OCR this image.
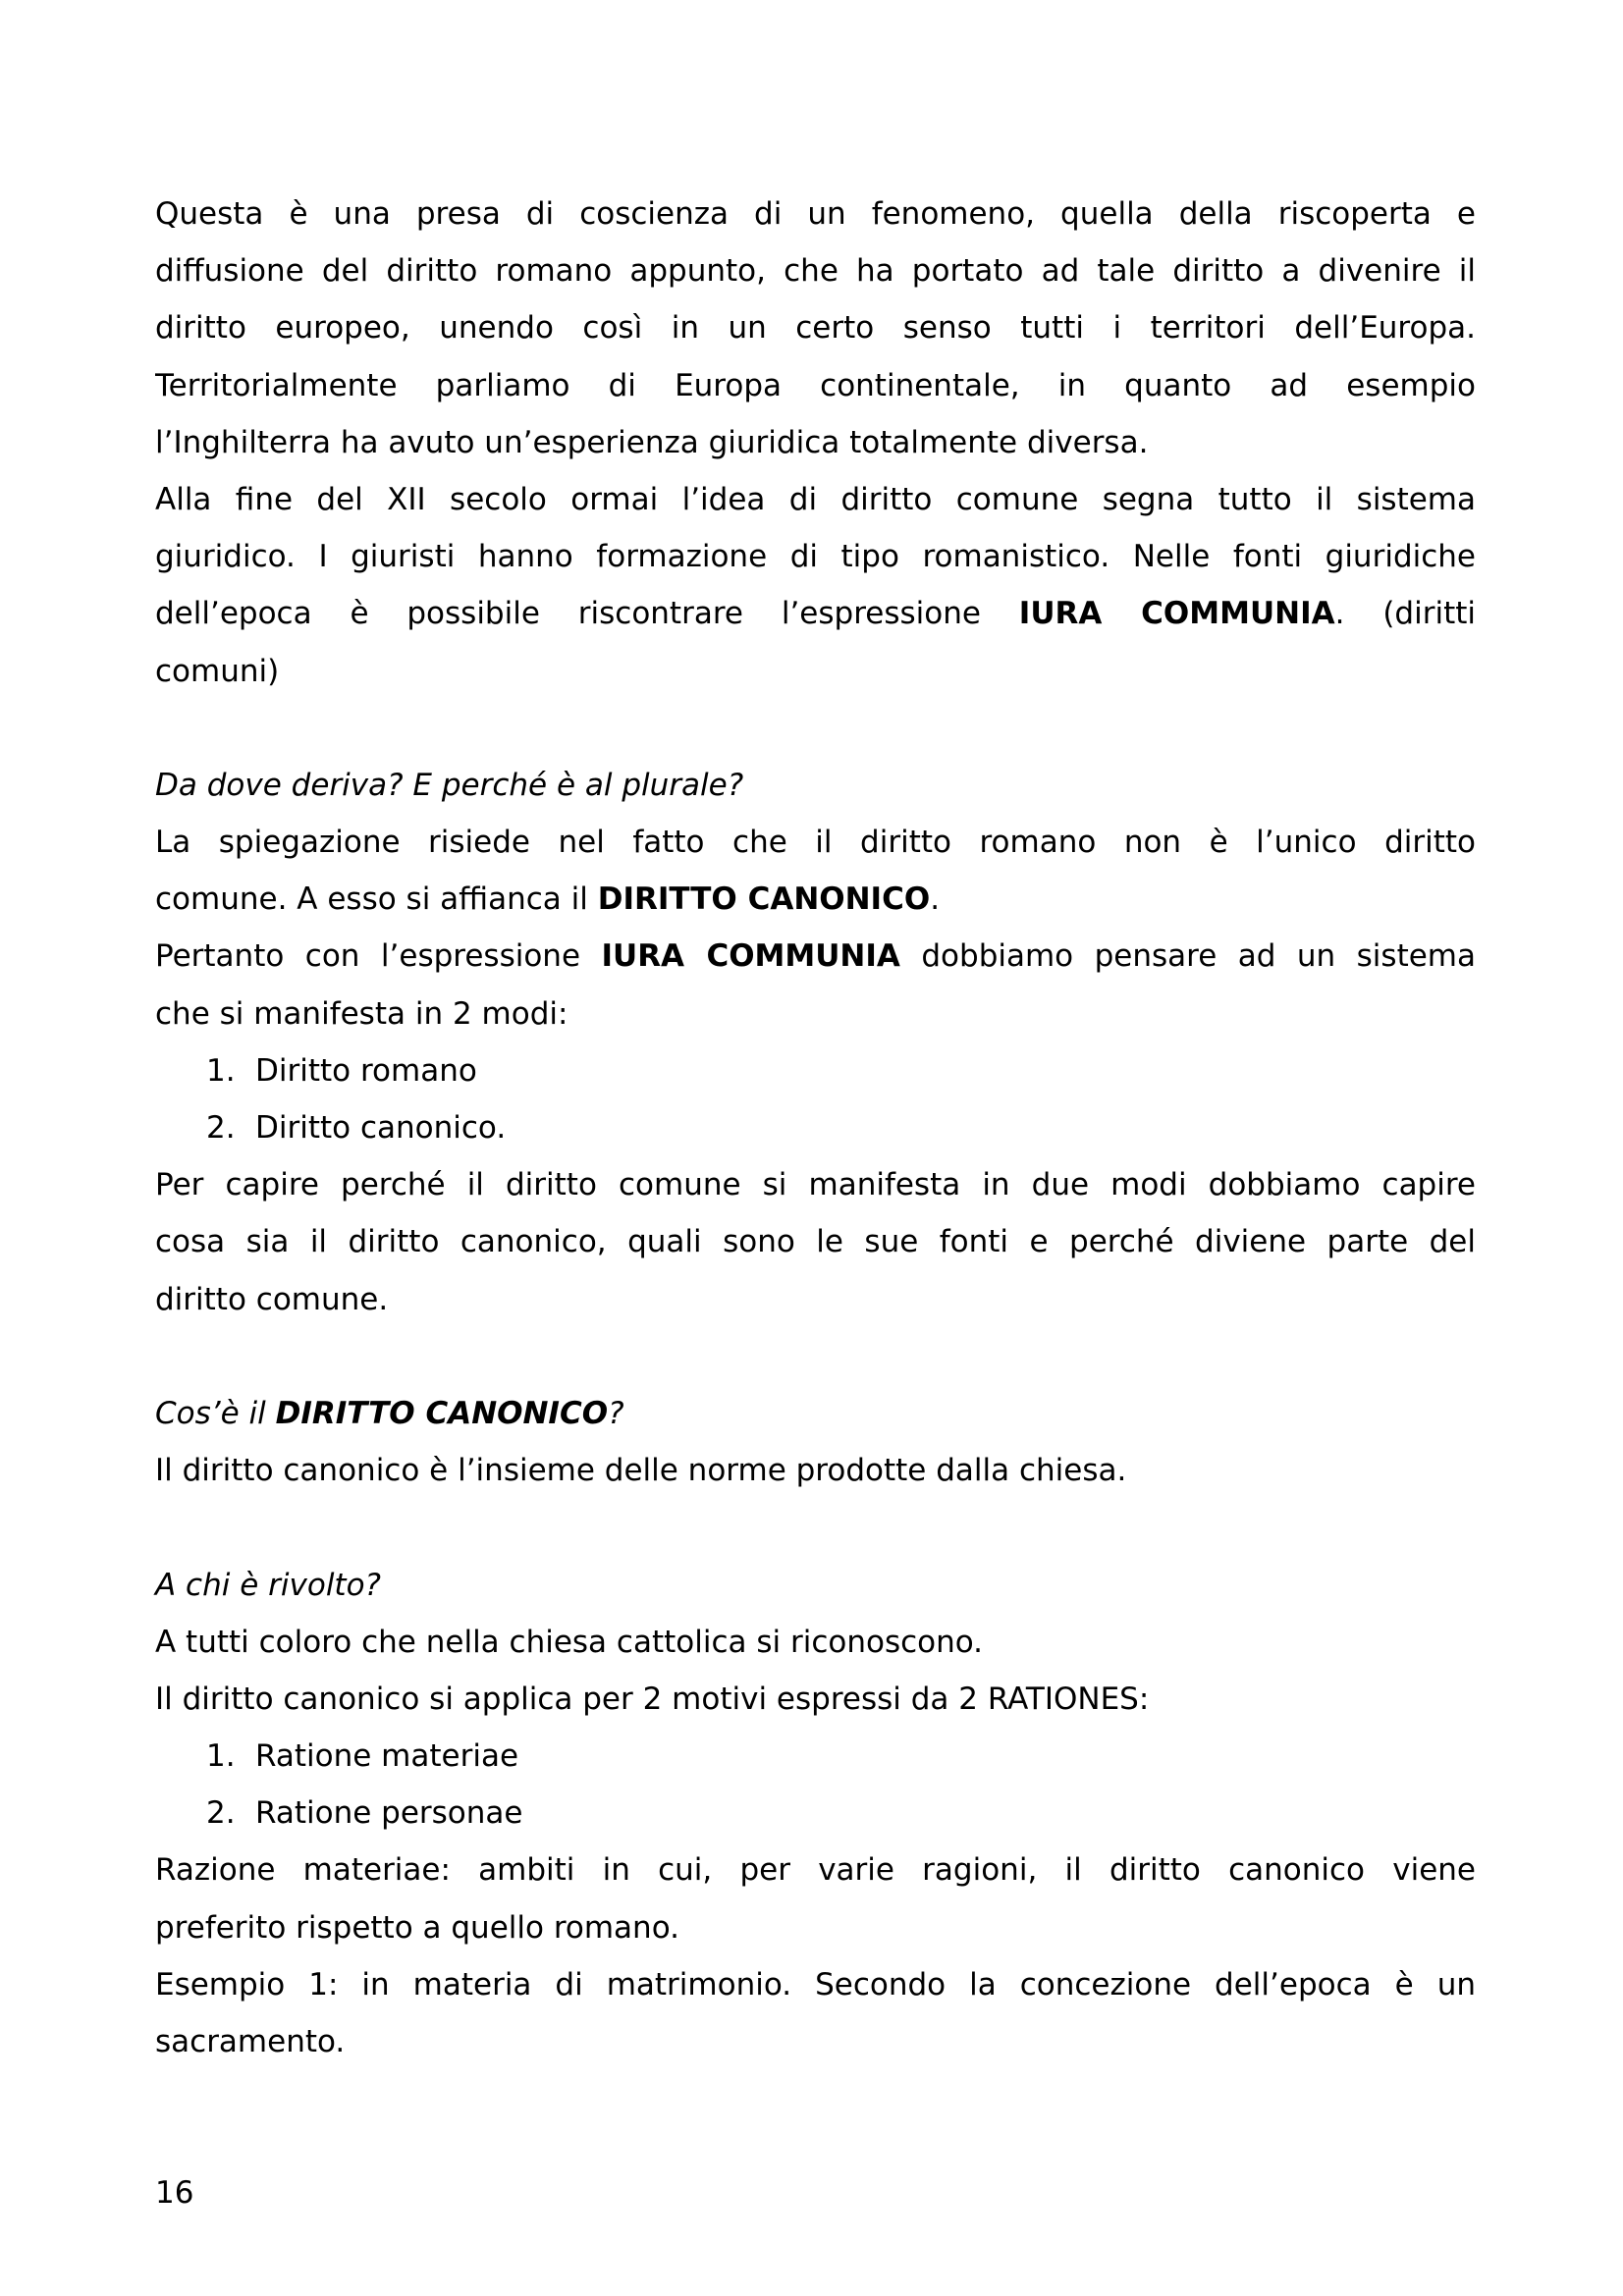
Questa è una presa di coscienza di un fenomeno, quella della riscoperta e
diffusione del diritto romano appunto, che ha portato ad tale diritto a divenire il
diritto europeo, unendo così in un certo senso tutti i territori dell’Europa.
Territorialmente parliamo di Europa continentale, in quanto ad esempio
l’Inghilterra ha avuto un’esperienza giuridica totalmente diversa.
Alla fine del XII secolo ormai l’idea di diritto comune segna tutto il sistema
giuridico. I giuristi hanno formazione di tipo romanistico. Nelle fonti giuridiche
dell’epoca è possibile riscontrare l’espressione IURA COMMUNIA. (diritti
comuni)

Da dove deriva? E perché è al plurale?
La spiegazione risiede nel fatto che il diritto romano non è l’unico diritto
comune. A esso si affianca il DIRITTO CANONICO.
Pertanto con l’espressione IURA COMMUNIA dobbiamo pensare ad un sistema
che si manifesta in 2 modi:
1. Diritto romano
2. Diritto canonico.
Per capire perché il diritto comune si manifesta in due modi dobbiamo capire
cosa sia il diritto canonico, quali sono le sue fonti e perché diviene parte del
diritto comune.

Cos’è il DIRITTO CANONICO?
Il diritto canonico è l’insieme delle norme prodotte dalla chiesa.

A chi è rivolto?
A tutti coloro che nella chiesa cattolica si riconoscono.
Il diritto canonico si applica per 2 motivi espressi da 2 RATIONES:
1. Ratione materiae
2. Ratione personae
Razione materiae: ambiti in cui, per varie ragioni, il diritto canonico viene
preferito rispetto a quello romano.
Esempio 1: in materia di matrimonio. Secondo la concezione dell’epoca è un
sacramento.
16
